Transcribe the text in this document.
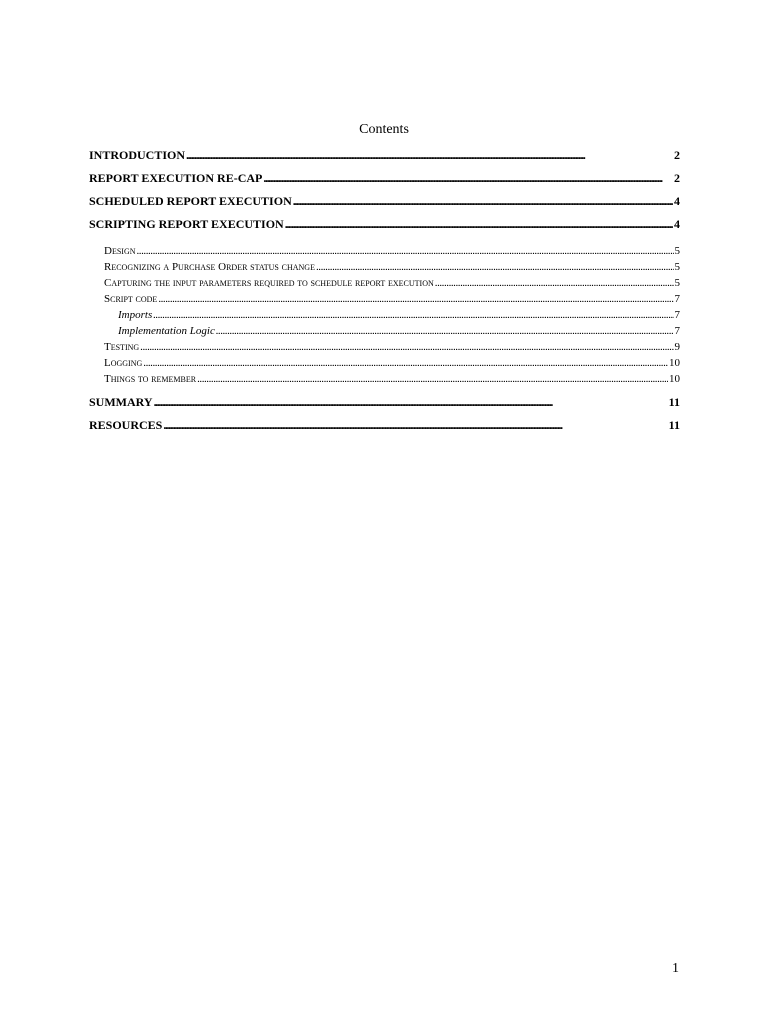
Contents
INTRODUCTION . . .	2
REPORT EXECUTION RE-CAP . . .	2
SCHEDULED REPORT EXECUTION . . .	4
SCRIPTING REPORT EXECUTION . . .	4
Design . . .	5
Recognizing a Purchase Order status change . . .	5
Capturing the input parameters required to schedule report execution . . .	5
Script code . . .	7
Imports . . .	7
Implementation Logic . . .	7
Testing . . .	9
Logging . . .	10
Things to remember . . .	10
SUMMARY . . .	11
RESOURCES . . .	11
1
